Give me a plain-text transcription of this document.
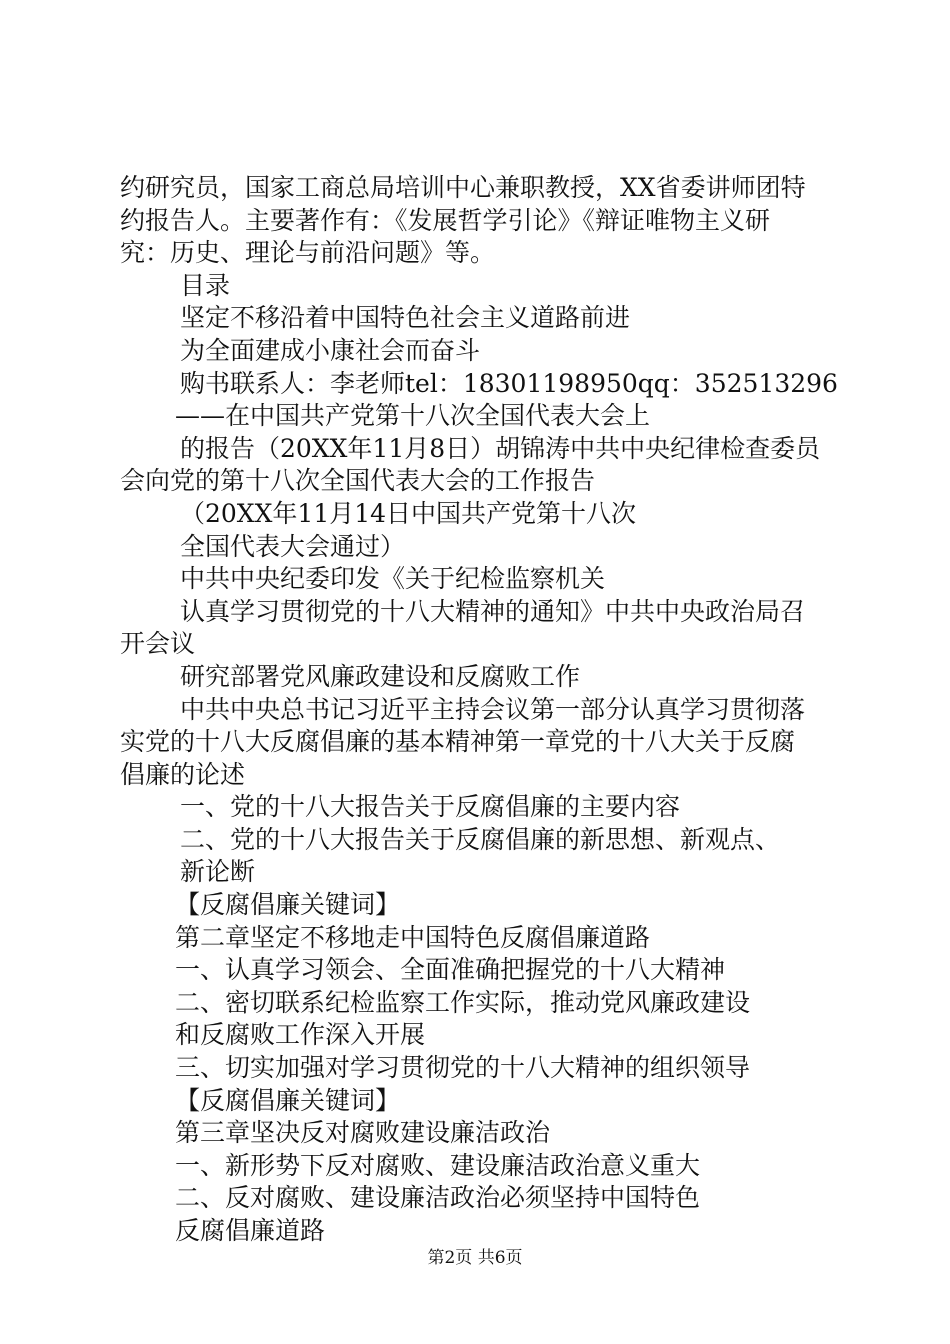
约研究员，国家工商总局培训中心兼职教授，XX省委讲师团特
约报告人。主要著作有：《发展哲学引论》《辩证唯物主义研
究：历史、理论与前沿问题》等。
目录
坚定不移沿着中国特色社会主义道路前进
为全面建成小康社会而奋斗
购书联系人：李老师tel：18301198950qq：352513296
——在中国共产党第十八次全国代表大会上
的报告（20XX年11月8日）胡锦涛中共中央纪律检查委员
会向党的第十八次全国代表大会的工作报告
（20XX年11月14日中国共产党第十八次
全国代表大会通过）
中共中央纪委印发《关于纪检监察机关
认真学习贯彻党的十八大精神的通知》中共中央政治局召
开会议
研究部署党风廉政建设和反腐败工作
中共中央总书记习近平主持会议第一部分认真学习贯彻落
实党的十八大反腐倡廉的基本精神第一章党的十八大关于反腐
倡廉的论述
一、党的十八大报告关于反腐倡廉的主要内容
二、党的十八大报告关于反腐倡廉的新思想、新观点、
新论断
【反腐倡廉关键词】
第二章坚定不移地走中国特色反腐倡廉道路
一、认真学习领会、全面准确把握党的十八大精神
二、密切联系纪检监察工作实际，推动党风廉政建设
和反腐败工作深入开展
三、切实加强对学习贯彻党的十八大精神的组织领导
【反腐倡廉关键词】
第三章坚决反对腐败建设廉洁政治
一、新形势下反对腐败、建设廉洁政治意义重大
二、反对腐败、建设廉洁政治必须坚持中国特色
反腐倡廉道路
第2页 共6页
